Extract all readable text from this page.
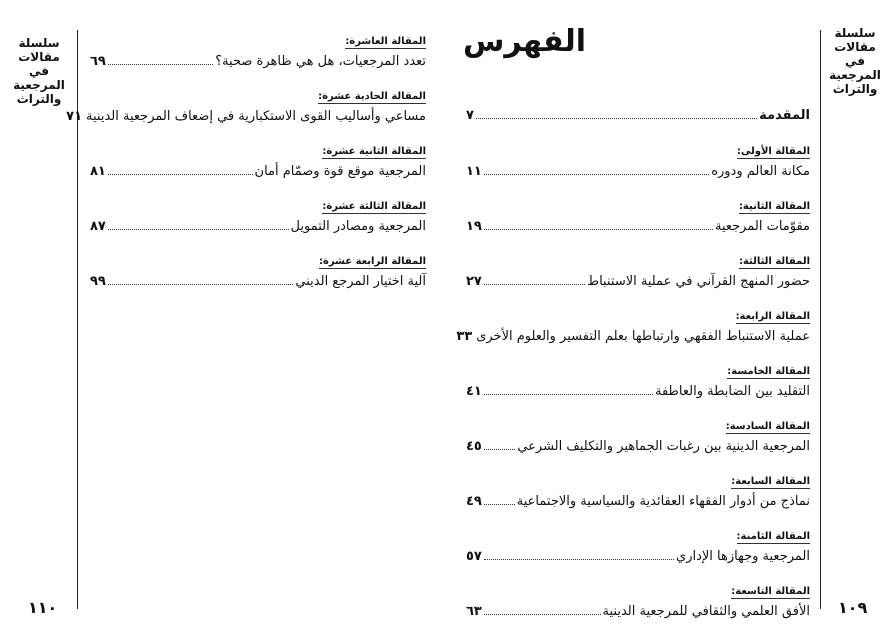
سلسلة
مقالات
في
المرجعية
والتراث
سلسلة
مقالات
في
المرجعية
والتراث
١٠٩
١١٠
الفهرس
المقدمة
٧
المقالة الأولى:
مكانة العالم ودوره
١١
المقالة الثانية:
مقوّمات المرجعية
١٩
المقالة الثالثة:
حضور المنهج القرآني في عملية الاستنباط
٢٧
المقالة الرابعة:
عملية الاستنباط الفقهي وارتباطها بعلم التفسير والعلوم الأخرى
٣٣
المقالة الخامسة:
التقليد بين الضابطة والعاطفة
٤١
المقالة السادسة:
المرجعية الدينية بين رغبات الجماهير والتكليف الشرعي
٤٥
المقالة السابعة:
نماذج من أدوار الفقهاء العقائدية والسياسية والاجتماعية
٤٩
المقالة الثامنة:
المرجعية وجهازها الإداري
٥٧
المقالة التاسعة:
الأفق العلمي والثقافي للمرجعية الدينية
٦٣
المقالة العاشرة:
تعدد المرجعيات، هل هي ظاهرة صحية؟
٦٩
المقالة الحادية عشرة:
مساعي وأساليب القوى الاستكبارية في إضعاف المرجعية الدينية
٧١
المقالة الثانية عشرة:
المرجعية موقع قوة وصمّام أمان
٨١
المقالة الثالثة عشرة:
المرجعية ومصادر التمويل
٨٧
المقالة الرابعة عشرة:
آلية اختيار المرجع الديني
٩٩
